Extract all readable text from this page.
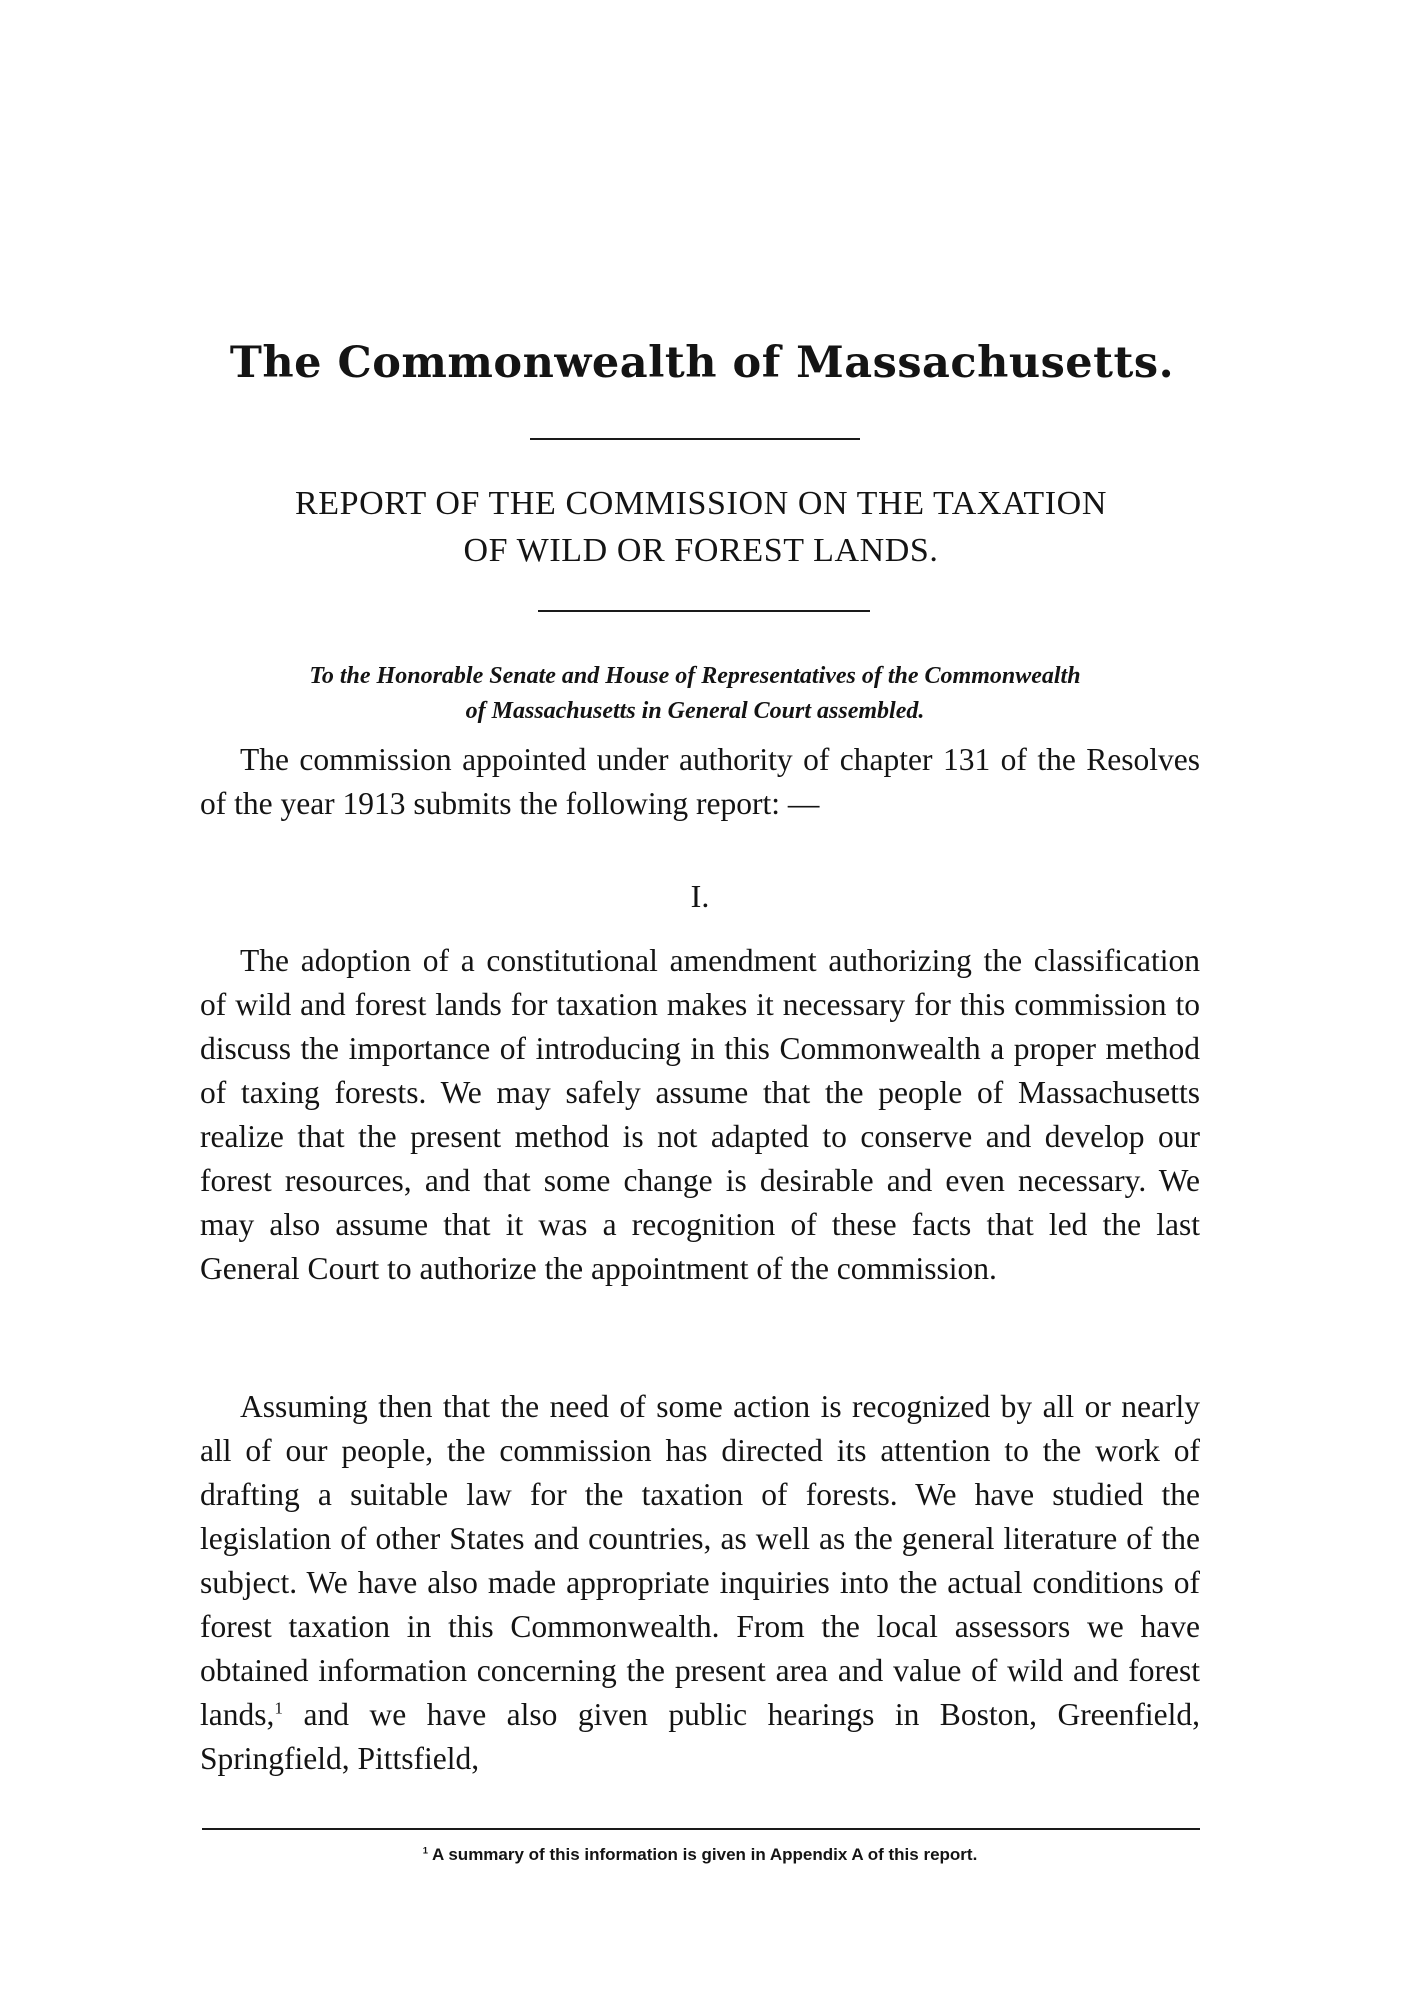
The Commonwealth of Massachusetts.
REPORT OF THE COMMISSION ON THE TAXATION
OF WILD OR FOREST LANDS.
To the Honorable Senate and House of Representatives of the Commonwealth
of Massachusetts in General Court assembled.

The commission appointed under authority of chapter 131 of the Resolves of the year 1913 submits the following report: —

I.

The adoption of a constitutional amendment authorizing the classification of wild and forest lands for taxation makes it necessary for this commission to discuss the importance of introducing in this Commonwealth a proper method of taxing forests. We may safely assume that the people of Massachusetts realize that the present method is not adapted to conserve and develop our forest resources, and that some change is desirable and even necessary. We may also assume that it was a recognition of these facts that led the last General Court to authorize the appointment of the commission.

Assuming then that the need of some action is recognized by all or nearly all of our people, the commission has directed its attention to the work of drafting a suitable law for the taxation of forests. We have studied the legislation of other States and countries, as well as the general literature of the subject. We have also made appropriate inquiries into the actual conditions of forest taxation in this Commonwealth. From the local assessors we have obtained information concerning the present area and value of wild and forest lands,$^1$ and we have also given public hearings in Boston, Greenfield, Springfield, Pittsfield,

$^1$ A summary of this information is given in Appendix A of this report.
